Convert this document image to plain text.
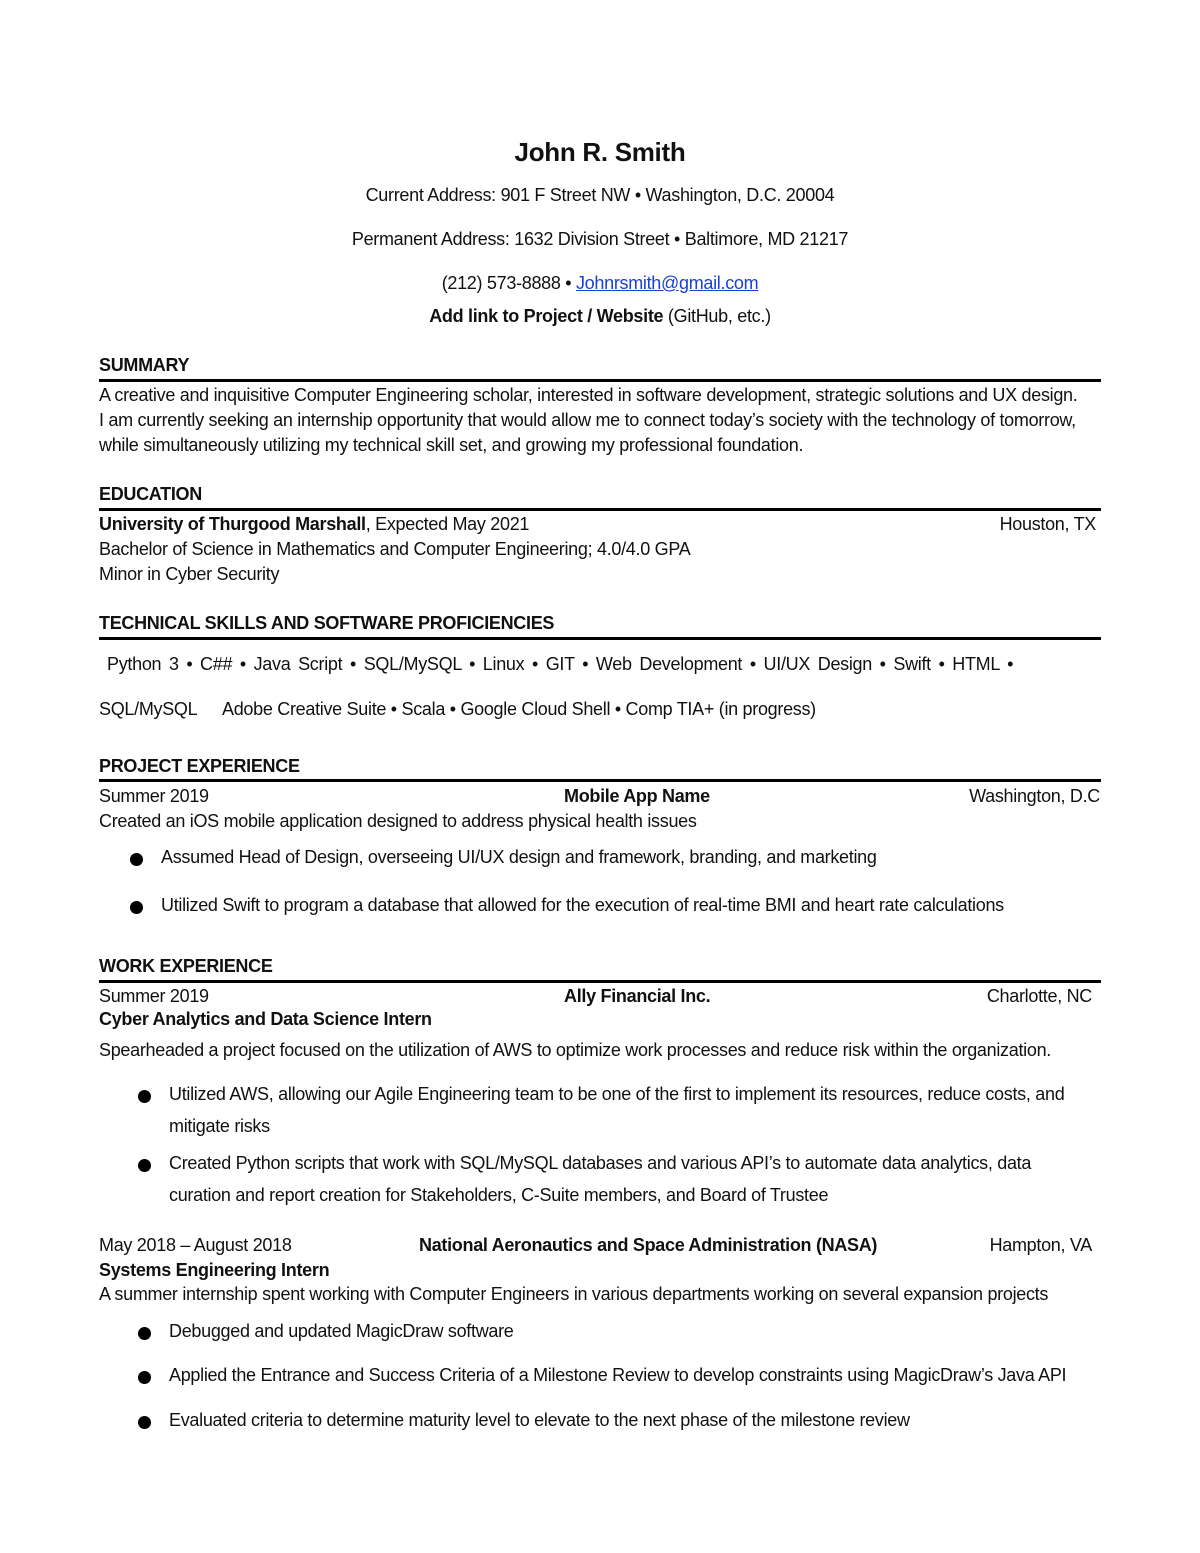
John R. Smith
Current Address: 901 F Street NW • Washington, D.C. 20004
Permanent Address: 1632 Division Street • Baltimore, MD 21217
(212) 573-8888 • Johnrsmith@gmail.com
Add link to Project / Website (GitHub, etc.)
SUMMARY
A creative and inquisitive Computer Engineering scholar, interested in software development, strategic solutions and UX design.
I am currently seeking an internship opportunity that would allow me to connect today’s society with the technology of tomorrow,
while simultaneously utilizing my technical skill set, and growing my professional foundation.
EDUCATION
University of Thurgood Marshall, Expected May 2021	Houston, TX
Bachelor of Science in Mathematics and Computer Engineering; 4.0/4.0 GPA
Minor in Cyber Security
TECHNICAL SKILLS AND SOFTWARE PROFICIENCIES
Python 3 • C## • Java Script • SQL/MySQL • Linux • GIT • Web Development • UI/UX Design • Swift • HTML •
SQL/MySQL Adobe Creative Suite • Scala • Google Cloud Shell • Comp TIA+ (in progress)
PROJECT EXPERIENCE
Summer 2019	Mobile App Name	Washington, D.C
Created an iOS mobile application designed to address physical health issues
Assumed Head of Design, overseeing UI/UX design and framework, branding, and marketing
Utilized Swift to program a database that allowed for the execution of real-time BMI and heart rate calculations
WORK EXPERIENCE
Summer 2019	Ally Financial Inc.	Charlotte, NC
Cyber Analytics and Data Science Intern
Spearheaded a project focused on the utilization of AWS to optimize work processes and reduce risk within the organization.
Utilized AWS, allowing our Agile Engineering team to be one of the first to implement its resources, reduce costs, and
mitigate risks
Created Python scripts that work with SQL/MySQL databases and various API’s to automate data analytics, data
curation and report creation for Stakeholders, C-Suite members, and Board of Trustee
May 2018 – August 2018	National Aeronautics and Space Administration (NASA)	Hampton, VA
Systems Engineering Intern
A summer internship spent working with Computer Engineers in various departments working on several expansion projects
Debugged and updated MagicDraw software
Applied the Entrance and Success Criteria of a Milestone Review to develop constraints using MagicDraw’s Java API
Evaluated criteria to determine maturity level to elevate to the next phase of the milestone review
